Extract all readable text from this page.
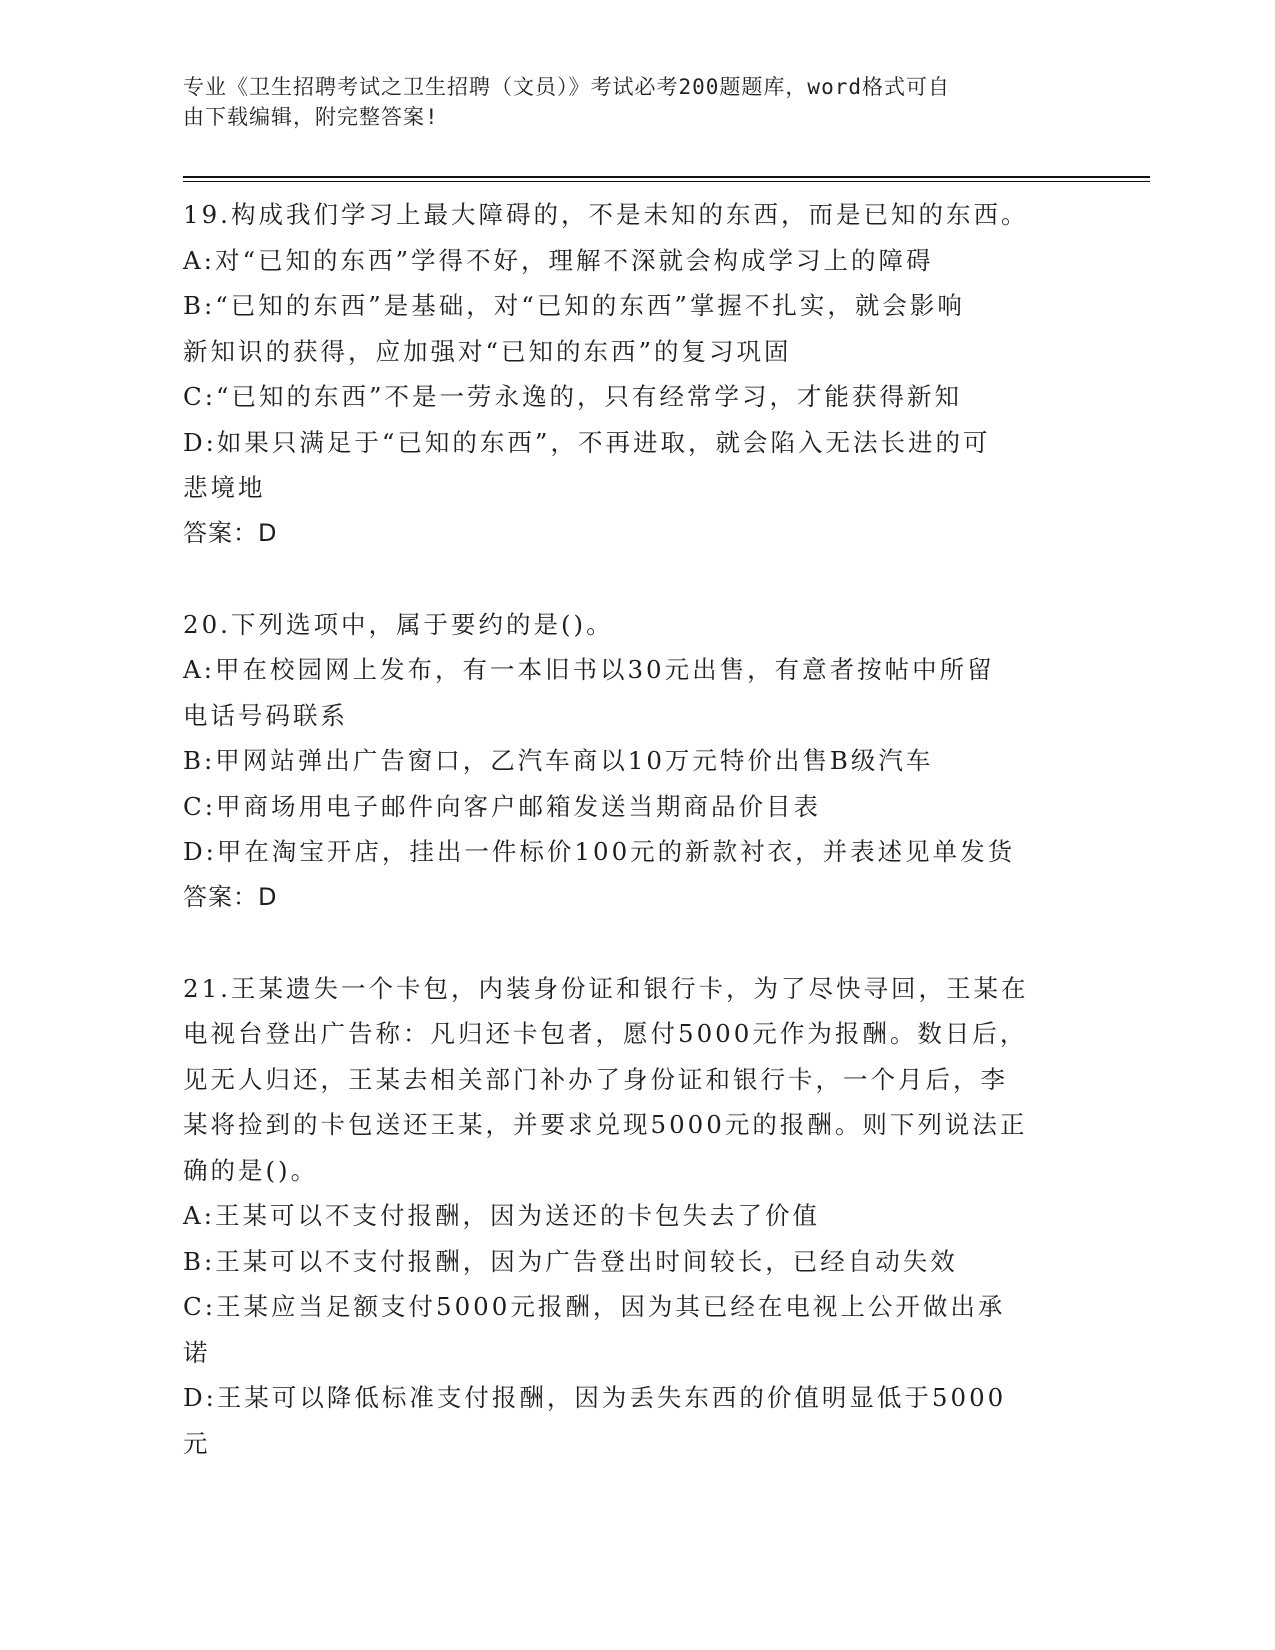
专业《卫生招聘考试之卫生招聘（文员）》考试必考200题题库，word格式可自
由下载编辑，附完整答案!
19.构成我们学习上最大障碍的，不是未知的东西，而是已知的东西。
A:对“已知的东西”学得不好，理解不深就会构成学习上的障碍
B:“已知的东西”是基础，对“已知的东西”掌握不扎实，就会影响
新知识的获得，应加强对“已知的东西”的复习巩固
C:“已知的东西”不是一劳永逸的，只有经常学习，才能获得新知
D:如果只满足于“已知的东西”，不再进取，就会陷入无法长进的可
悲境地
答案：D
20.下列选项中，属于要约的是()。
A:甲在校园网上发布，有一本旧书以30元出售，有意者按帖中所留
电话号码联系
B:甲网站弹出广告窗口，乙汽车商以10万元特价出售B级汽车
C:甲商场用电子邮件向客户邮箱发送当期商品价目表
D:甲在淘宝开店，挂出一件标价100元的新款衬衣，并表述见单发货
答案：D
21.王某遗失一个卡包，内装身份证和银行卡，为了尽快寻回，王某在
电视台登出广告称：凡归还卡包者，愿付5000元作为报酬。数日后，
见无人归还，王某去相关部门补办了身份证和银行卡，一个月后，李
某将捡到的卡包送还王某，并要求兑现5000元的报酬。则下列说法正
确的是()。
A:王某可以不支付报酬，因为送还的卡包失去了价值
B:王某可以不支付报酬，因为广告登出时间较长，已经自动失效
C:王某应当足额支付5000元报酬，因为其已经在电视上公开做出承
诺
D:王某可以降低标准支付报酬，因为丢失东西的价值明显低于5000
元
